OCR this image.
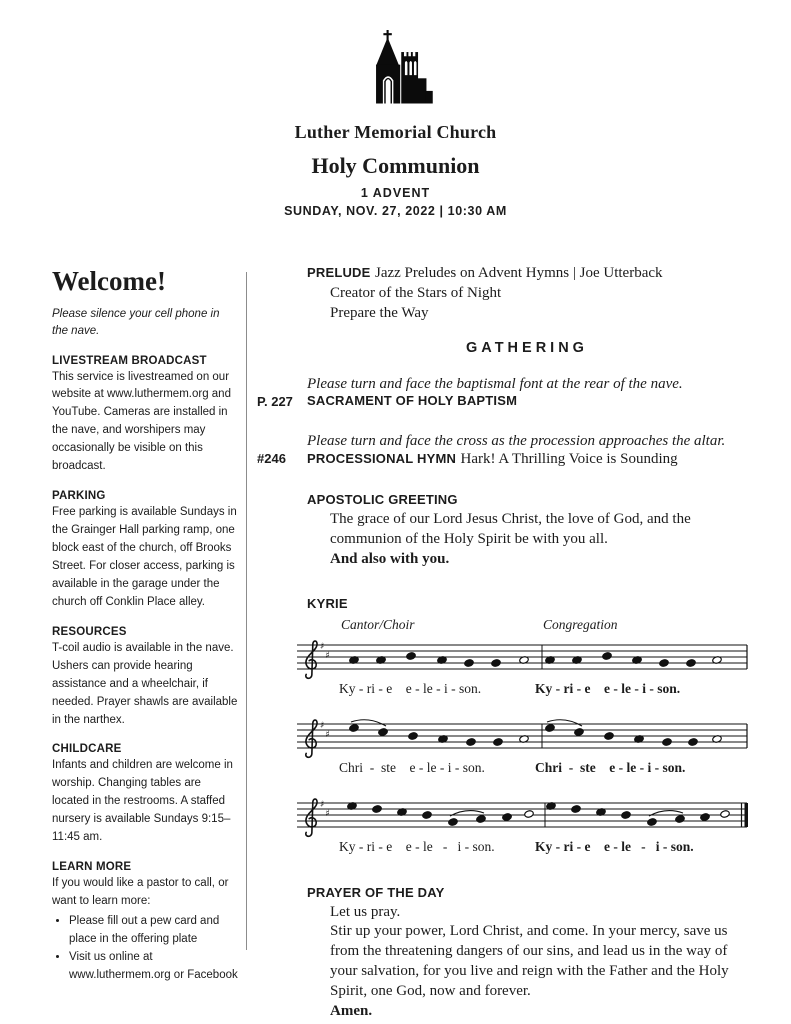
Luther Memorial Church
Holy Communion
1 ADVENT
SUNDAY, NOV. 27, 2022 | 10:30 AM
Welcome!
Please silence your cell phone in the nave.
LIVESTREAM BROADCAST
This service is livestreamed on our website at www.luthermem.org and YouTube. Cameras are installed in the nave, and worshipers may occasionally be visible on this broadcast.
PARKING
Free parking is available Sundays in the Grainger Hall parking ramp, one block east of the church, off Brooks Street. For closer access, parking is available in the garage under the church off Conklin Place alley.
RESOURCES
T-coil audio is available in the nave. Ushers can provide hearing assistance and a wheelchair, if needed. Prayer shawls are available in the narthex.
CHILDCARE
Infants and children are welcome in worship. Changing tables are located in the restrooms. A staffed nursery is available Sundays 9:15–11:45 am.
LEARN MORE
If you would like a pastor to call, or want to learn more:
• Please fill out a pew card and place in the offering plate
• Visit us online at www.luthermem.org or Facebook
PRELUDE Jazz Preludes on Advent Hymns | Joe Utterback
Creator of the Stars of Night
Prepare the Way
GATHERING
Please turn and face the baptismal font at the rear of the nave.
P. 227	SACRAMENT OF HOLY BAPTISM
Please turn and face the cross as the procession approaches the altar.
#246	PROCESSIONAL HYMN Hark! A Thrilling Voice is Sounding
APOSTOLIC GREETING
The grace of our Lord Jesus Christ, the love of God, and the communion of the Holy Spirit be with you all.
And also with you.
KYRIE
Cantor/Choir	Congregation
♯
♯
Ky - ri - e    e - le - i - son.	Ky - ri - e    e - le - i - son.
♯
♯
Chri  -  ste    e - le - i - son.	Chri  -  ste    e - le - i - son.
♯
♯
Ky - ri - e    e - le   -   i - son.	Ky - ri - e    e - le   -   i - son.
PRAYER OF THE DAY
Let us pray.
Stir up your power, Lord Christ, and come. In your mercy, save us from the threatening dangers of our sins, and lead us in the way of your salvation, for you live and reign with the Father and the Holy Spirit, one God, now and forever.
Amen.
